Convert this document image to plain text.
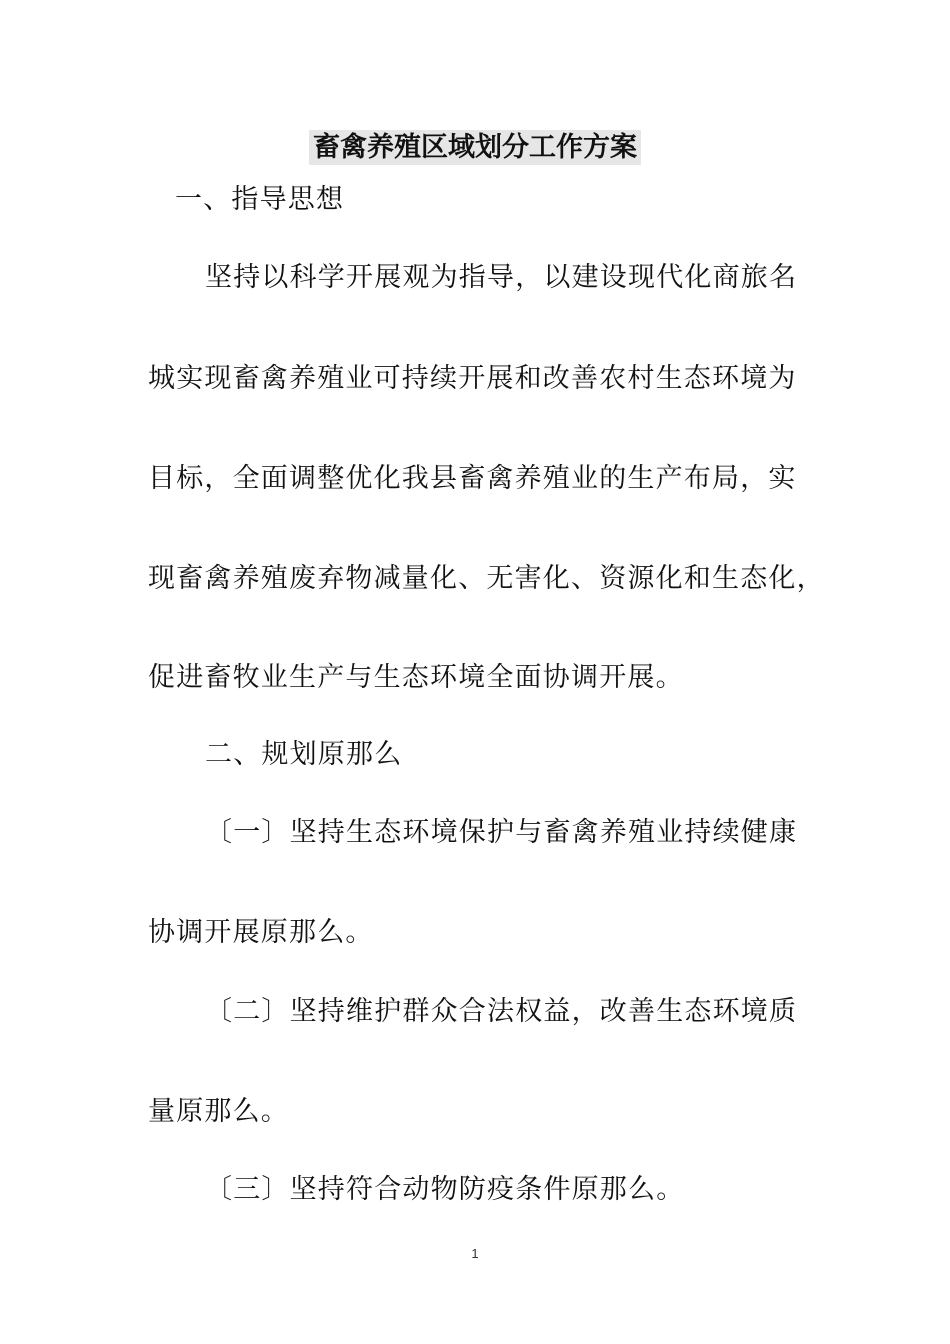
畜禽养殖区域划分工作方案
一、指导思想
坚持以科学开展观为指导，以建设现代化商旅名
城实现畜禽养殖业可持续开展和改善农村生态环境为
目标，全面调整优化我县畜禽养殖业的生产布局，实
现畜禽养殖废弃物减量化、无害化、资源化和生态化，
促进畜牧业生产与生态环境全面协调开展。
二、规划原那么
〔一〕坚持生态环境保护与畜禽养殖业持续健康
协调开展原那么。
〔二〕坚持维护群众合法权益，改善生态环境质
量原那么。
〔三〕坚持符合动物防疫条件原那么。
1
